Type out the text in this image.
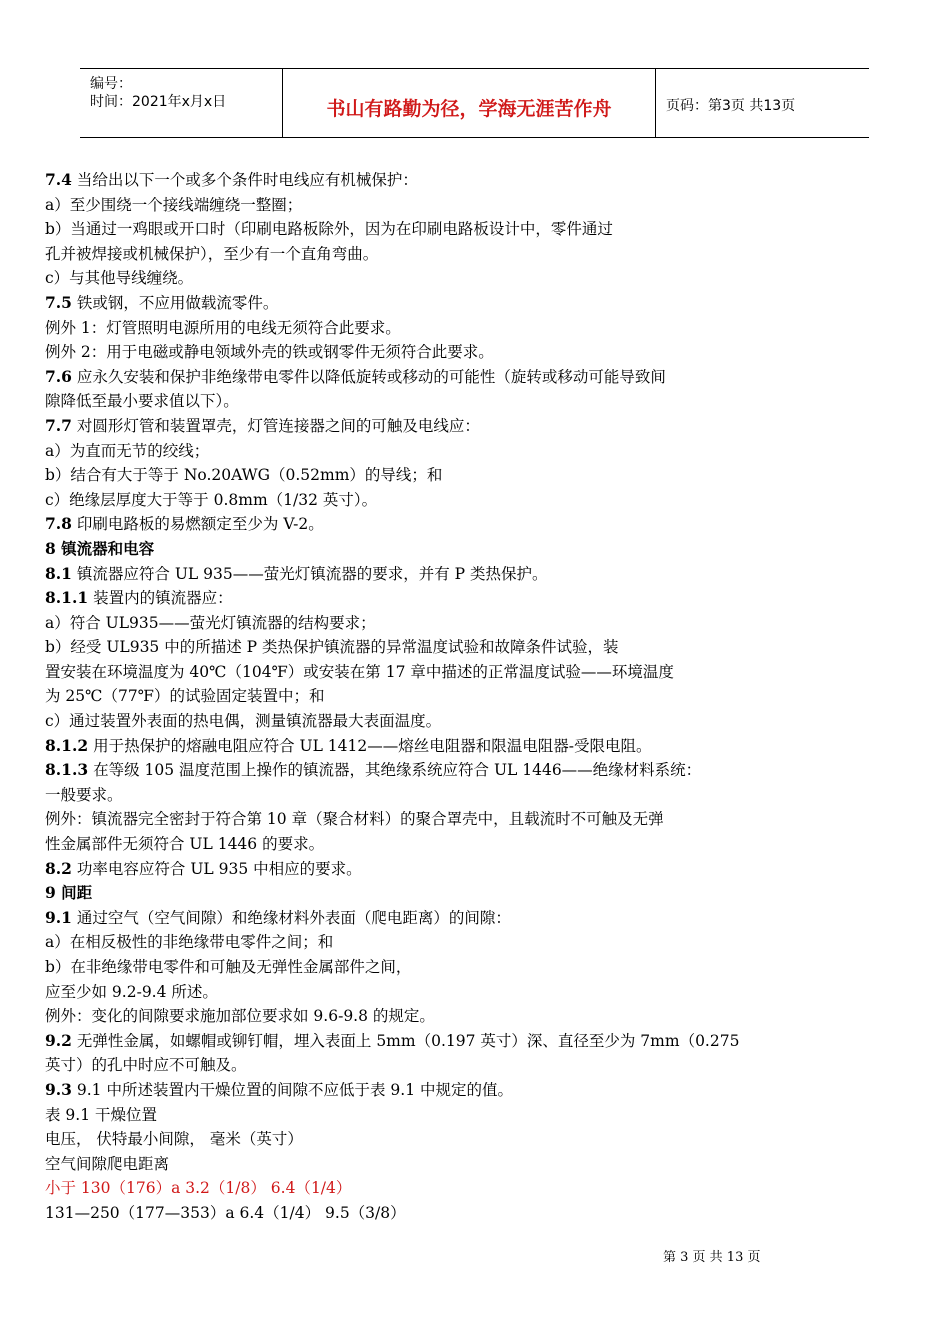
编号：
时间：2021年x月x日	书山有路勤为径，学海无涯苦作舟	页码：第3页 共13页
7.4 当给出以下一个或多个条件时电线应有机械保护：
a）至少围绕一个接线端缠绕一整圈；
b）当通过一鸡眼或开口时（印刷电路板除外，因为在印刷电路板设计中，零件通过
孔并被焊接或机械保护），至少有一个直角弯曲。
c）与其他导线缠绕。
7.5 铁或钢，不应用做载流零件。
例外 1：灯管照明电源所用的电线无须符合此要求。
例外 2：用于电磁或静电领域外壳的铁或钢零件无须符合此要求。
7.6 应永久安装和保护非绝缘带电零件以降低旋转或移动的可能性（旋转或移动可能导致间
隙降低至最小要求值以下）。
7.7 对圆形灯管和装置罩壳，灯管连接器之间的可触及电线应：
a）为直而无节的绞线；
b）结合有大于等于 No.20AWG（0.52mm）的导线；和
c）绝缘层厚度大于等于 0.8mm（1/32 英寸）。
7.8 印刷电路板的易燃额定至少为 V-2。
8 镇流器和电容
8.1 镇流器应符合 UL 935——萤光灯镇流器的要求，并有 P 类热保护。
8.1.1 装置内的镇流器应：
a）符合 UL935——萤光灯镇流器的结构要求；
b）经受 UL935 中的所描述 P 类热保护镇流器的异常温度试验和故障条件试验，装
置安装在环境温度为 40℃（104℉）或安装在第 17 章中描述的正常温度试验——环境温度
为 25℃（77℉）的试验固定装置中；和
c）通过装置外表面的热电偶，测量镇流器最大表面温度。
8.1.2 用于热保护的熔融电阻应符合 UL 1412——熔丝电阻器和限温电阻器-受限电阻。
8.1.3 在等级 105 温度范围上操作的镇流器，其绝缘系统应符合 UL 1446——绝缘材料系统：
一般要求。
例外：镇流器完全密封于符合第 10 章（聚合材料）的聚合罩壳中，且载流时不可触及无弹
性金属部件无须符合 UL 1446 的要求。
8.2 功率电容应符合 UL 935 中相应的要求。
9 间距
9.1 通过空气（空气间隙）和绝缘材料外表面（爬电距离）的间隙：
a）在相反极性的非绝缘带电零件之间；和
b）在非绝缘带电零件和可触及无弹性金属部件之间，
应至少如 9.2-9.4 所述。
例外：变化的间隙要求施加部位要求如 9.6-9.8 的规定。
9.2 无弹性金属，如螺帽或铆钉帽，埋入表面上 5mm（0.197 英寸）深、直径至少为 7mm（0.275
英寸）的孔中时应不可触及。
9.3 9.1 中所述装置内干燥位置的间隙不应低于表 9.1 中规定的值。
表 9.1 干燥位置
电压， 伏特最小间隙， 毫米（英寸）
空气间隙爬电距离
小于 130（176）a 3.2（1/8） 6.4（1/4）
131—250（177—353）a 6.4（1/4） 9.5（3/8）
第 3 页 共 13 页
